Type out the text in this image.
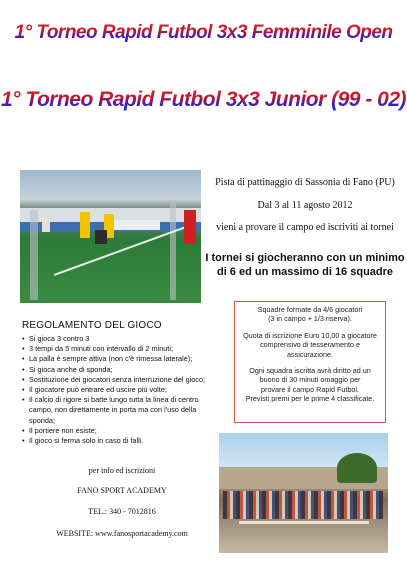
1° Torneo Rapid Futbol 3x3 Femminile Open
1° Torneo Rapid Futbol 3x3 Junior (99 - 02)
Pista di pattinaggio di Sassonia di Fano (PU)
Dal 3 al 11 agosto 2012
vieni a provare il campo ed iscriviti ai tornei
I tornei si giocheranno con un minimo
di 6 ed un massimo di 16 squadre

Squadre formate da 4/6 giocatori
(3 in campo + 1/3 riserva).

Quota di iscrizione Euro 10,00 a giocatore
comprensivo di tesseramento e
assicurazione.

Ogni squadra iscritta avrà diritto ad un
buono di 30 minuti omaggio per
provare il campo Rapid Futbol.
Previsti premi per le prime 4 classificate.

REGOLAMENTO DEL GIOCO
• Si gioca 3 contro 3
• 3 tempi da 5 minuti con intervallo di 2 minuti;
• La palla è sempre attiva (non c'è rimessa laterale);
• Si gioca anche di sponda;
• Sostituzione dei giocatori senza interruzione del gioco;
• Il giocatore può entrare ed uscire più volte;
• Il calcio di rigore si batte lungo tutta la linea di centro campo, non direttamente in porta ma con l'uso della sponda;
• Il portiere non esiste;
• Il gioco si ferma solo in caso di falli.
per info ed iscrizioni
FANO SPORT ACADEMY
TEL.: 340 - 7012816
WEBSITE: www.fanosportacademy.com
